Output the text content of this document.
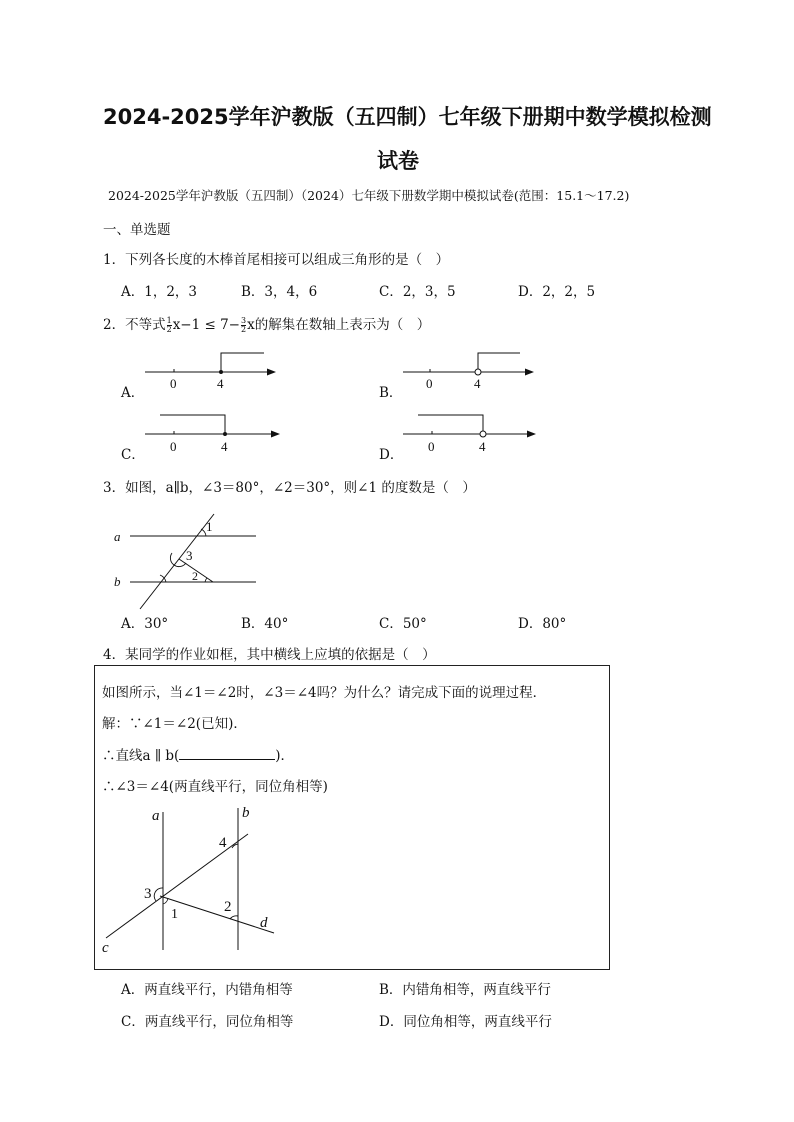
2024-2025学年沪教版（五四制）七年级下册期中数学模拟检测
试卷
2024-2025学年沪教版（五四制）（2024）七年级下册数学期中模拟试卷(范围：15.1～17.2)
一、单选题
1．下列各长度的木棒首尾相接可以组成三角形的是（　）
A．1，2，3	B．3，4，6	C．2，3，5	D．2，2，5
2．不等式 $\frac{1}{2} x-1 \le 7- \frac{3}{2}$ x的解集在数轴上表示为（　）
A．
0	4
B．
0	4
C．
0	4
D．
0	4
3．如图，a∥b，∠3＝80°，∠2＝30°，则∠1 的度数是（　）
a
b
1
3
2
A．30°	B．40°	C．50°	D．80°
4．某同学的作业如框，其中横线上应填的依据是（　）
如图所示，当∠1＝∠2时，∠3＝∠4吗？为什么？请完成下面的说理过程．
解：∵∠1＝∠2(已知)．
∴直线a ∥ b(	)．
∴∠3＝∠4(两直线平行，同位角相等)
a	b
c
d
4
3
1	2
A．两直线平行，内错角相等	B．内错角相等，两直线平行
C．两直线平行，同位角相等	D．同位角相等，两直线平行
